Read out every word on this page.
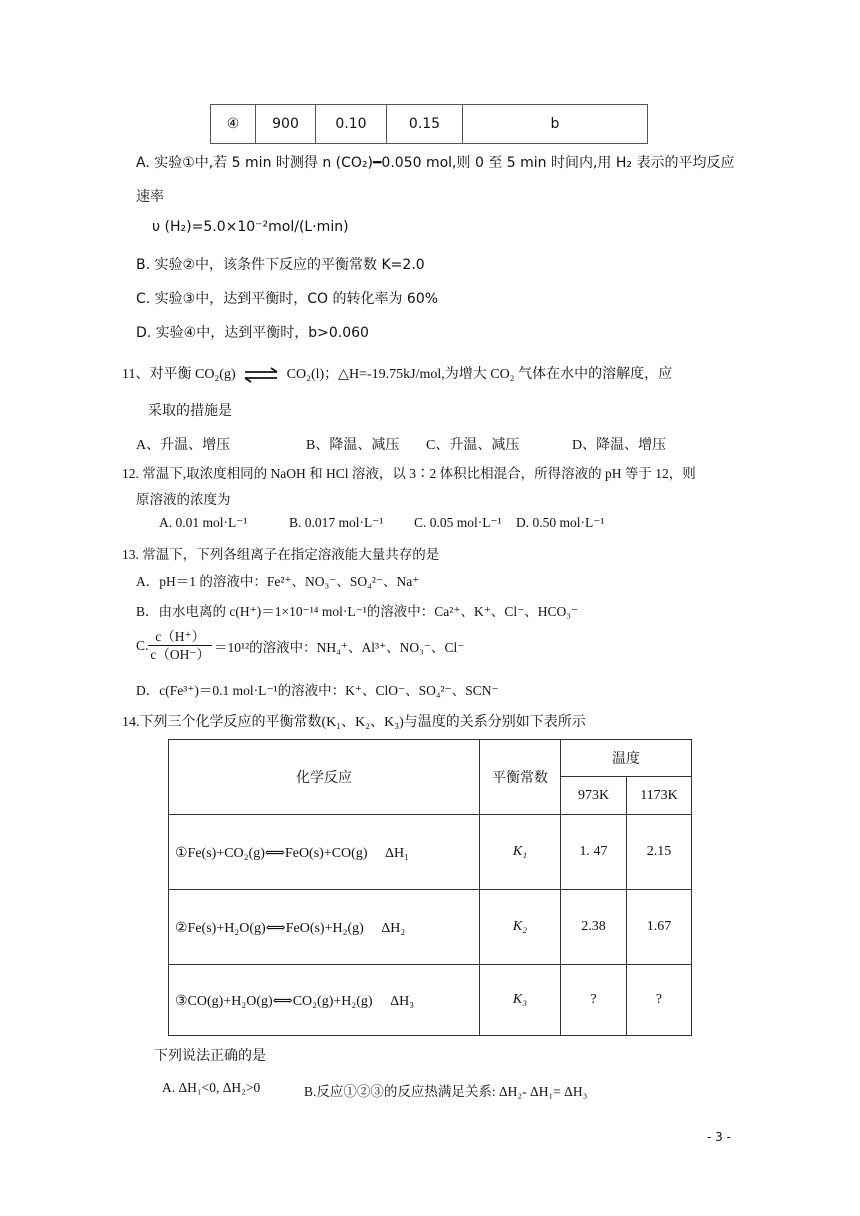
④	900	0.10	0.15	b
A. 实验①中,若 5 min 时测得 n (CO₂)━0.050 mol,则 0 至 5 min 时间内,用 H₂ 表示的平均反应
速率
υ (H₂)=5.0×10⁻²mol/(L·min)
B. 实验②中，该条件下反应的平衡常数 K=2.0
C. 实验③中，达到平衡时，CO 的转化率为 60%
D. 实验④中，达到平衡时，b>0.060
11、对平衡 CO₂(g) ⇌ CO₂(l)；△H=-19.75kJ/mol,为增大 CO₂ 气体在水中的溶解度，应
采取的措施是
A、升温、增压	B、降温、减压 C、升温、减压	D、降温、增压
12. 常温下,取浓度相同的 NaOH 和 HCl 溶液，以 3∶2 体积比相混合，所得溶液的 pH 等于 12，则
原溶液的浓度为
A. 0.01 mol·L⁻¹	B. 0.017 mol·L⁻¹ C. 0.05 mol·L⁻¹ D. 0.50 mol·L⁻¹
13. 常温下，下列各组离子在指定溶液能大量共存的是
A．pH＝1 的溶液中：Fe²⁺、NO₃⁻、SO₄²⁻、Na⁺
B．由水电离的 c(H⁺)＝1×10⁻¹⁴ mol·L⁻¹的溶液中：Ca²⁺、K⁺、Cl⁻、HCO₃⁻
C. $\frac{c(H^+)}{c(OH^-)} =10^{12}$的溶液中：NH₄⁺、Al³⁺、NO₃⁻、Cl⁻
D．c(Fe³⁺)＝0.1 mol·L⁻¹的溶液中：K⁺、ClO⁻、SO₄²⁻、SCN⁻
14.下列三个化学反应的平衡常数(K₁、K₂、K₃)与温度的关系分别如下表所示
化学反应	平衡常数	温度	
		973K	1173K
①Fe(s)+CO₂(g)⟺FeO(s)+CO(g)　 ΔH₁	K₁	1. 47	2.15
②Fe(s)+H₂O(g)⟺FeO(s)+H₂(g)　 ΔH₂	K₂	2.38	1.67
③CO(g)+H₂O(g)⟺CO₂(g)+H₂(g)　 ΔH₃	K₃	?	?
下列说法正确的是
A. ΔH₁<0, ΔH₂>0	B.反应①②③的反应热满足关系: ΔH₂- ΔH₁= ΔH₃
- 3 -
